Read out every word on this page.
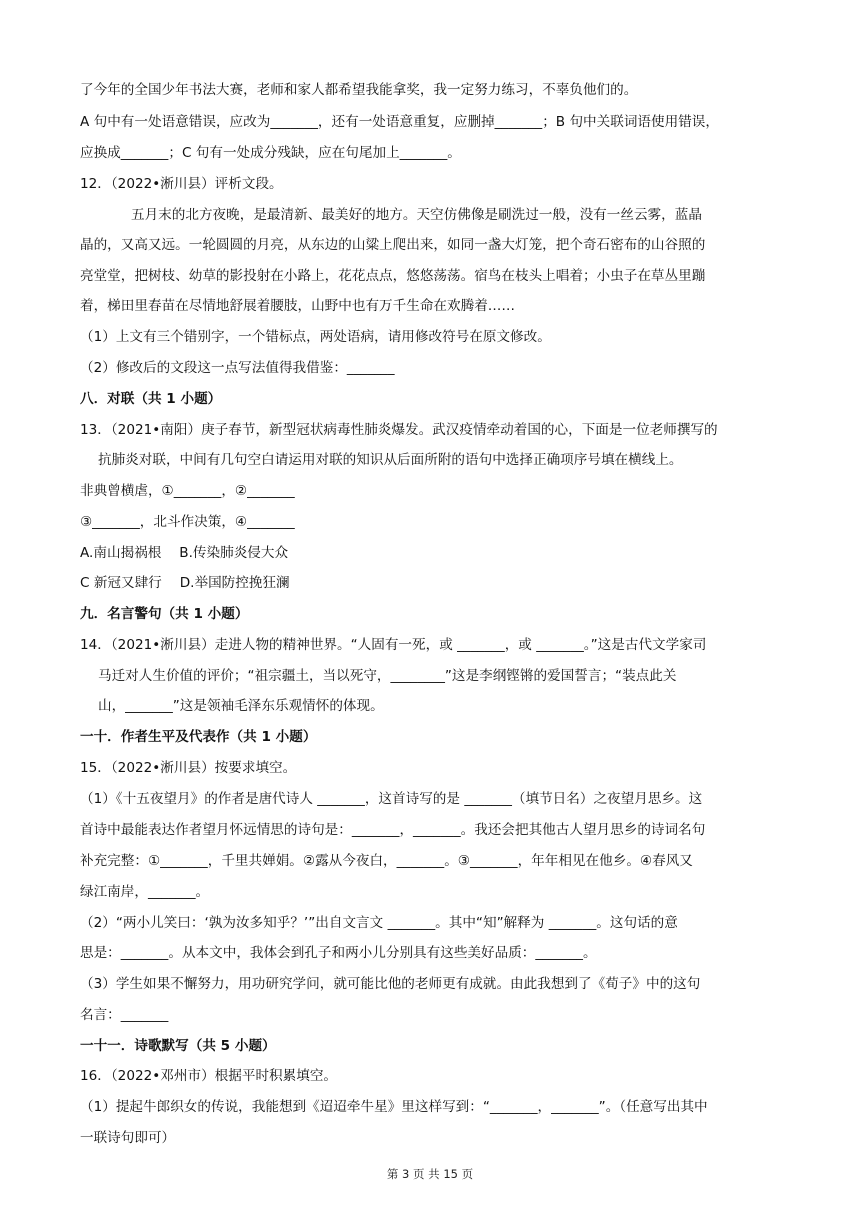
了今年的全国少年书法大赛，老师和家人都希望我能拿奖，我一定努力练习，不辜负他们的。
A 句中有一处语意错误，应改为_______，还有一处语意重复，应删掉_______；B 句中关联词语使用错误，
应换成_______；C 句有一处成分残缺，应在句尾加上_______。
12．（2022•淅川县）评析文段。
五月末的北方夜晚，是最清新、最美好的地方。天空仿佛像是刷洗过一般，没有一丝云雾，蓝晶
晶的，又高又远。一轮圆圆的月亮，从东边的山粱上爬出来，如同一盏大灯笼，把个奇石密布的山谷照的
亮堂堂，把树枝、幼草的影投射在小路上，花花点点，悠悠荡荡。宿鸟在枝头上唱着；小虫子在草丛里蹦
着，梯田里春苗在尽情地舒展着腰肢，山野中也有万千生命在欢腾着……
（1）上文有三个错别字，一个错标点，两处语病，请用修改符号在原文修改。
（2）修改后的文段这一点写法值得我借鉴：_______
八．对联（共 1 小题）
13．（2021•南阳）庚子春节，新型冠状病毒性肺炎爆发。武汉疫情牵动着国的心，下面是一位老师撰写的
抗肺炎对联，中间有几句空白请运用对联的知识从后面所附的语句中选择正确项序号填在横线上。
非典曾横虐，①_______，②_______
③_______，北斗作决策，④_______
A.南山揭祸根　 B.传染肺炎侵大众
C 新冠又肆行　 D.举国防控挽狂澜
九．名言警句（共 1 小题）
14．（2021•淅川县）走进人物的精神世界。“人固有一死，或 _______，或 _______。”这是古代文学家司
马迁对人生价值的评价；“祖宗疆土，当以死守，________”这是李纲铿锵的爱国誓言；“装点此关
山，_______”这是领袖毛泽东乐观情怀的体现。
一十．作者生平及代表作（共 1 小题）
15．（2022•淅川县）按要求填空。
（1）《十五夜望月》的作者是唐代诗人 _______，这首诗写的是 _______（填节日名）之夜望月思乡。这
首诗中最能表达作者望月怀远情思的诗句是：_______，_______。我还会把其他古人望月思乡的诗词名句
补充完整：①_______，千里共婵娟。②露从今夜白，_______。③_______，年年相见在他乡。④春风又
绿江南岸，_______。
（2）“两小儿笑曰：‘孰为汝多知乎？’”出自文言文 _______。其中“知”解释为 _______。这句话的意
思是：_______。从本文中，我体会到孔子和两小儿分别具有这些美好品质：_______。
（3）学生如果不懈努力，用功研究学问，就可能比他的老师更有成就。由此我想到了《荀子》中的这句
名言：_______
一十一．诗歌默写（共 5 小题）
16．（2022•邓州市）根据平时积累填空。
（1）提起牛郎织女的传说，我能想到《迢迢牵牛星》里这样写到：“_______，_______”。（任意写出其中
一联诗句即可）
第 3 页 共 15 页
